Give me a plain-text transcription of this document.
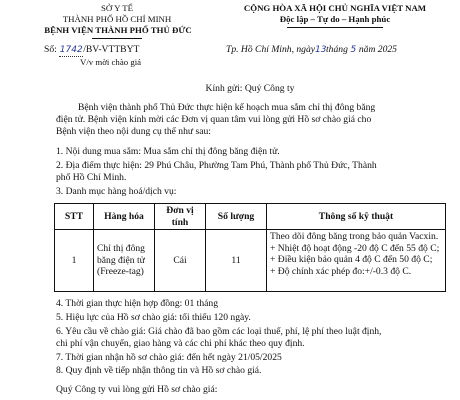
SỞ Y TẾ
THÀNH PHỐ HỒ CHÍ MINH
BỆNH VIỆN THÀNH PHỐ THỦ ĐỨC
Số: 1742/BV-VTTBYT
V/v mời chào giá
CỘNG HÒA XÃ HỘI CHỦ NGHĨA VIỆT NAM
Độc lập – Tự do – Hạnh phúc
Tp. Hồ Chí Minh, ngày13tháng 5 năm 2025
Kính gửi: Quý Công ty
Bệnh viện thành phố Thủ Đức thực hiện kế hoạch mua sắm chỉ thị đông băng
điện tử. Bệnh viện kính mời các Đơn vị quan tâm vui lòng gửi Hồ sơ chào giá cho
Bệnh viện theo nội dung cụ thể như sau:
1. Nội dung mua sắm: Mua sắm chỉ thị đông băng điện tử.
2. Địa điểm thực hiện: 29 Phú Châu, Phường Tam Phú, Thành phố Thủ Đức, Thành
phố Hồ Chí Minh.
3. Danh mục hàng hoá/dịch vụ:
STT	Hàng hóa	Đơn vị tính	Số lượng	Thông số kỹ thuật
1	Chỉ thị đông băng điện tử (Freeze-tag)	Cái	11	Theo dõi đông băng trong bảo quản Vacxin.
+ Nhiệt độ hoạt động -20 độ C đến 55 độ C;
+ Điều kiện bảo quản 4 độ C đến 50 độ C;
+ Độ chính xác phép đo:+/-0.3 độ C.
4. Thời gian thực hiện hợp đồng: 01 tháng
5. Hiệu lực của Hồ sơ chào giá: tối thiểu 120 ngày.
6. Yêu cầu về chào giá: Giá chào đã bao gồm các loại thuế, phí, lệ phí theo luật định,
chi phí vận chuyển, giao hàng và các chi phí khác theo quy định.
7. Thời gian nhận hồ sơ chào giá: đến hết ngày 21/05/2025
8. Quy định về tiếp nhận thông tin và Hồ sơ chào giá.
Quý Công ty vui lòng gửi Hồ sơ chào giá:
